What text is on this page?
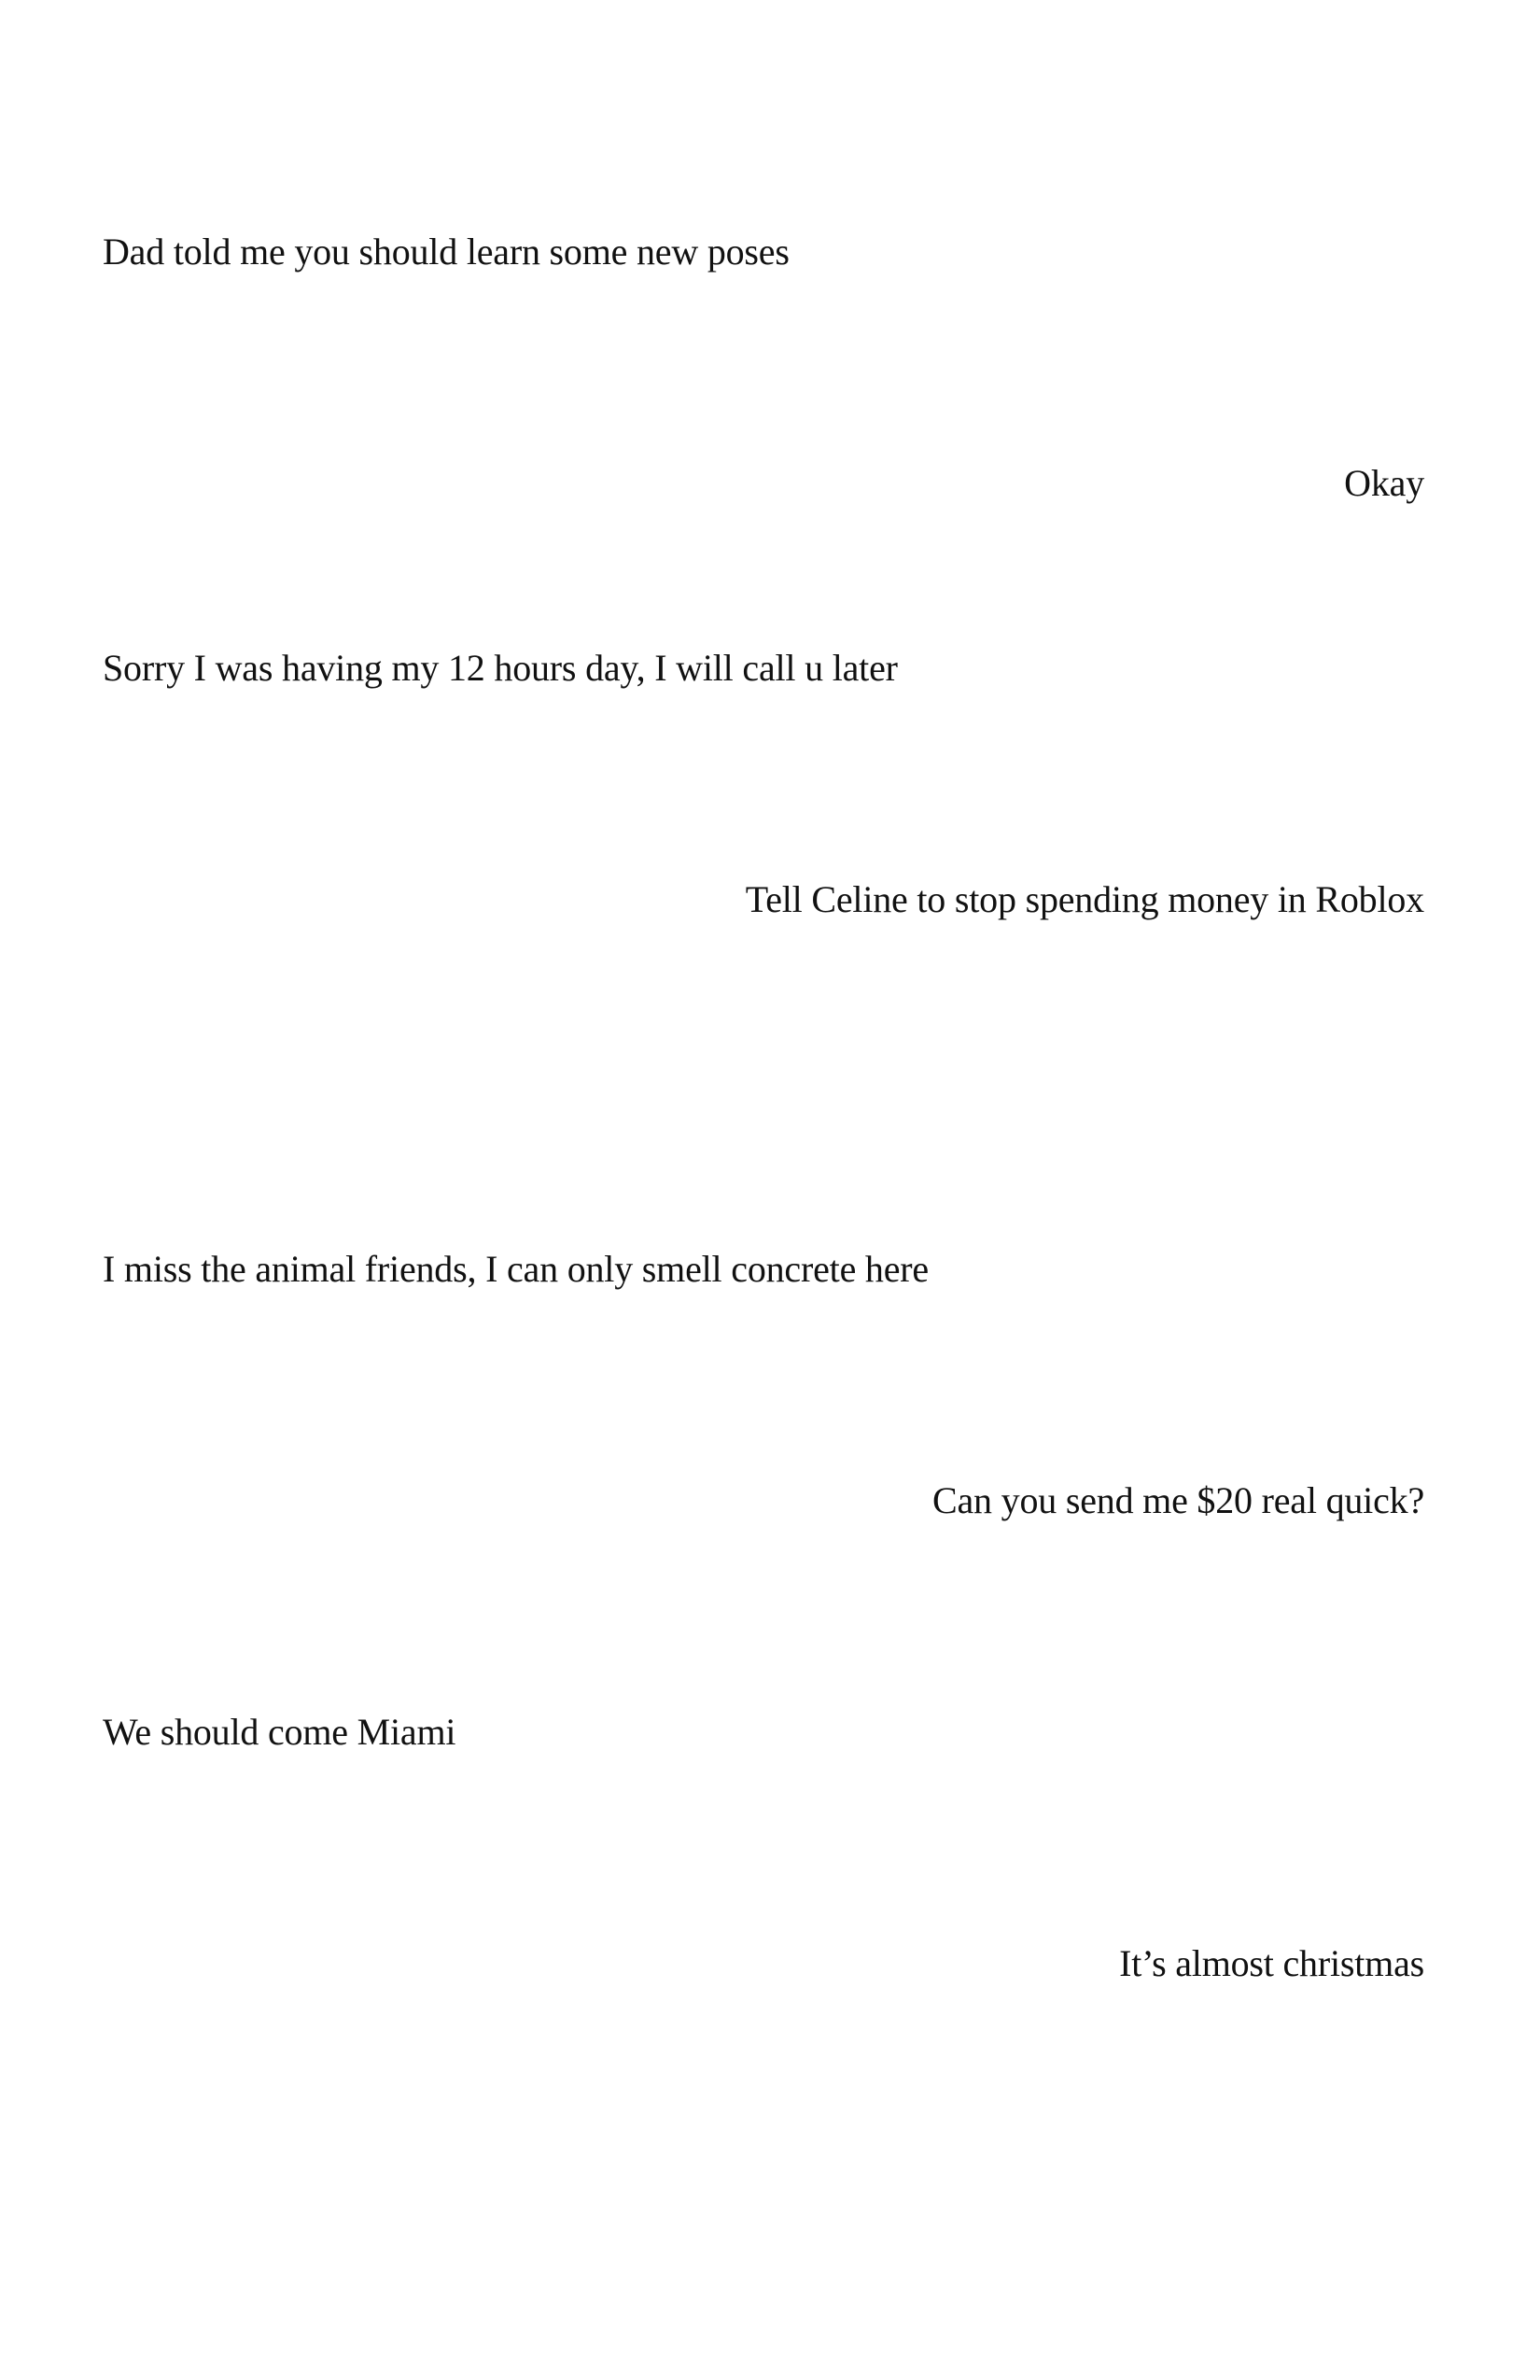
Dad told me you should learn some new poses
Okay
Sorry I was having my 12 hours day, I will call u later
Tell Celine to stop spending money in Roblox
I miss the animal friends, I can only smell concrete here
Can you send me $20 real quick?
We should come Miami
It’s almost christmas
